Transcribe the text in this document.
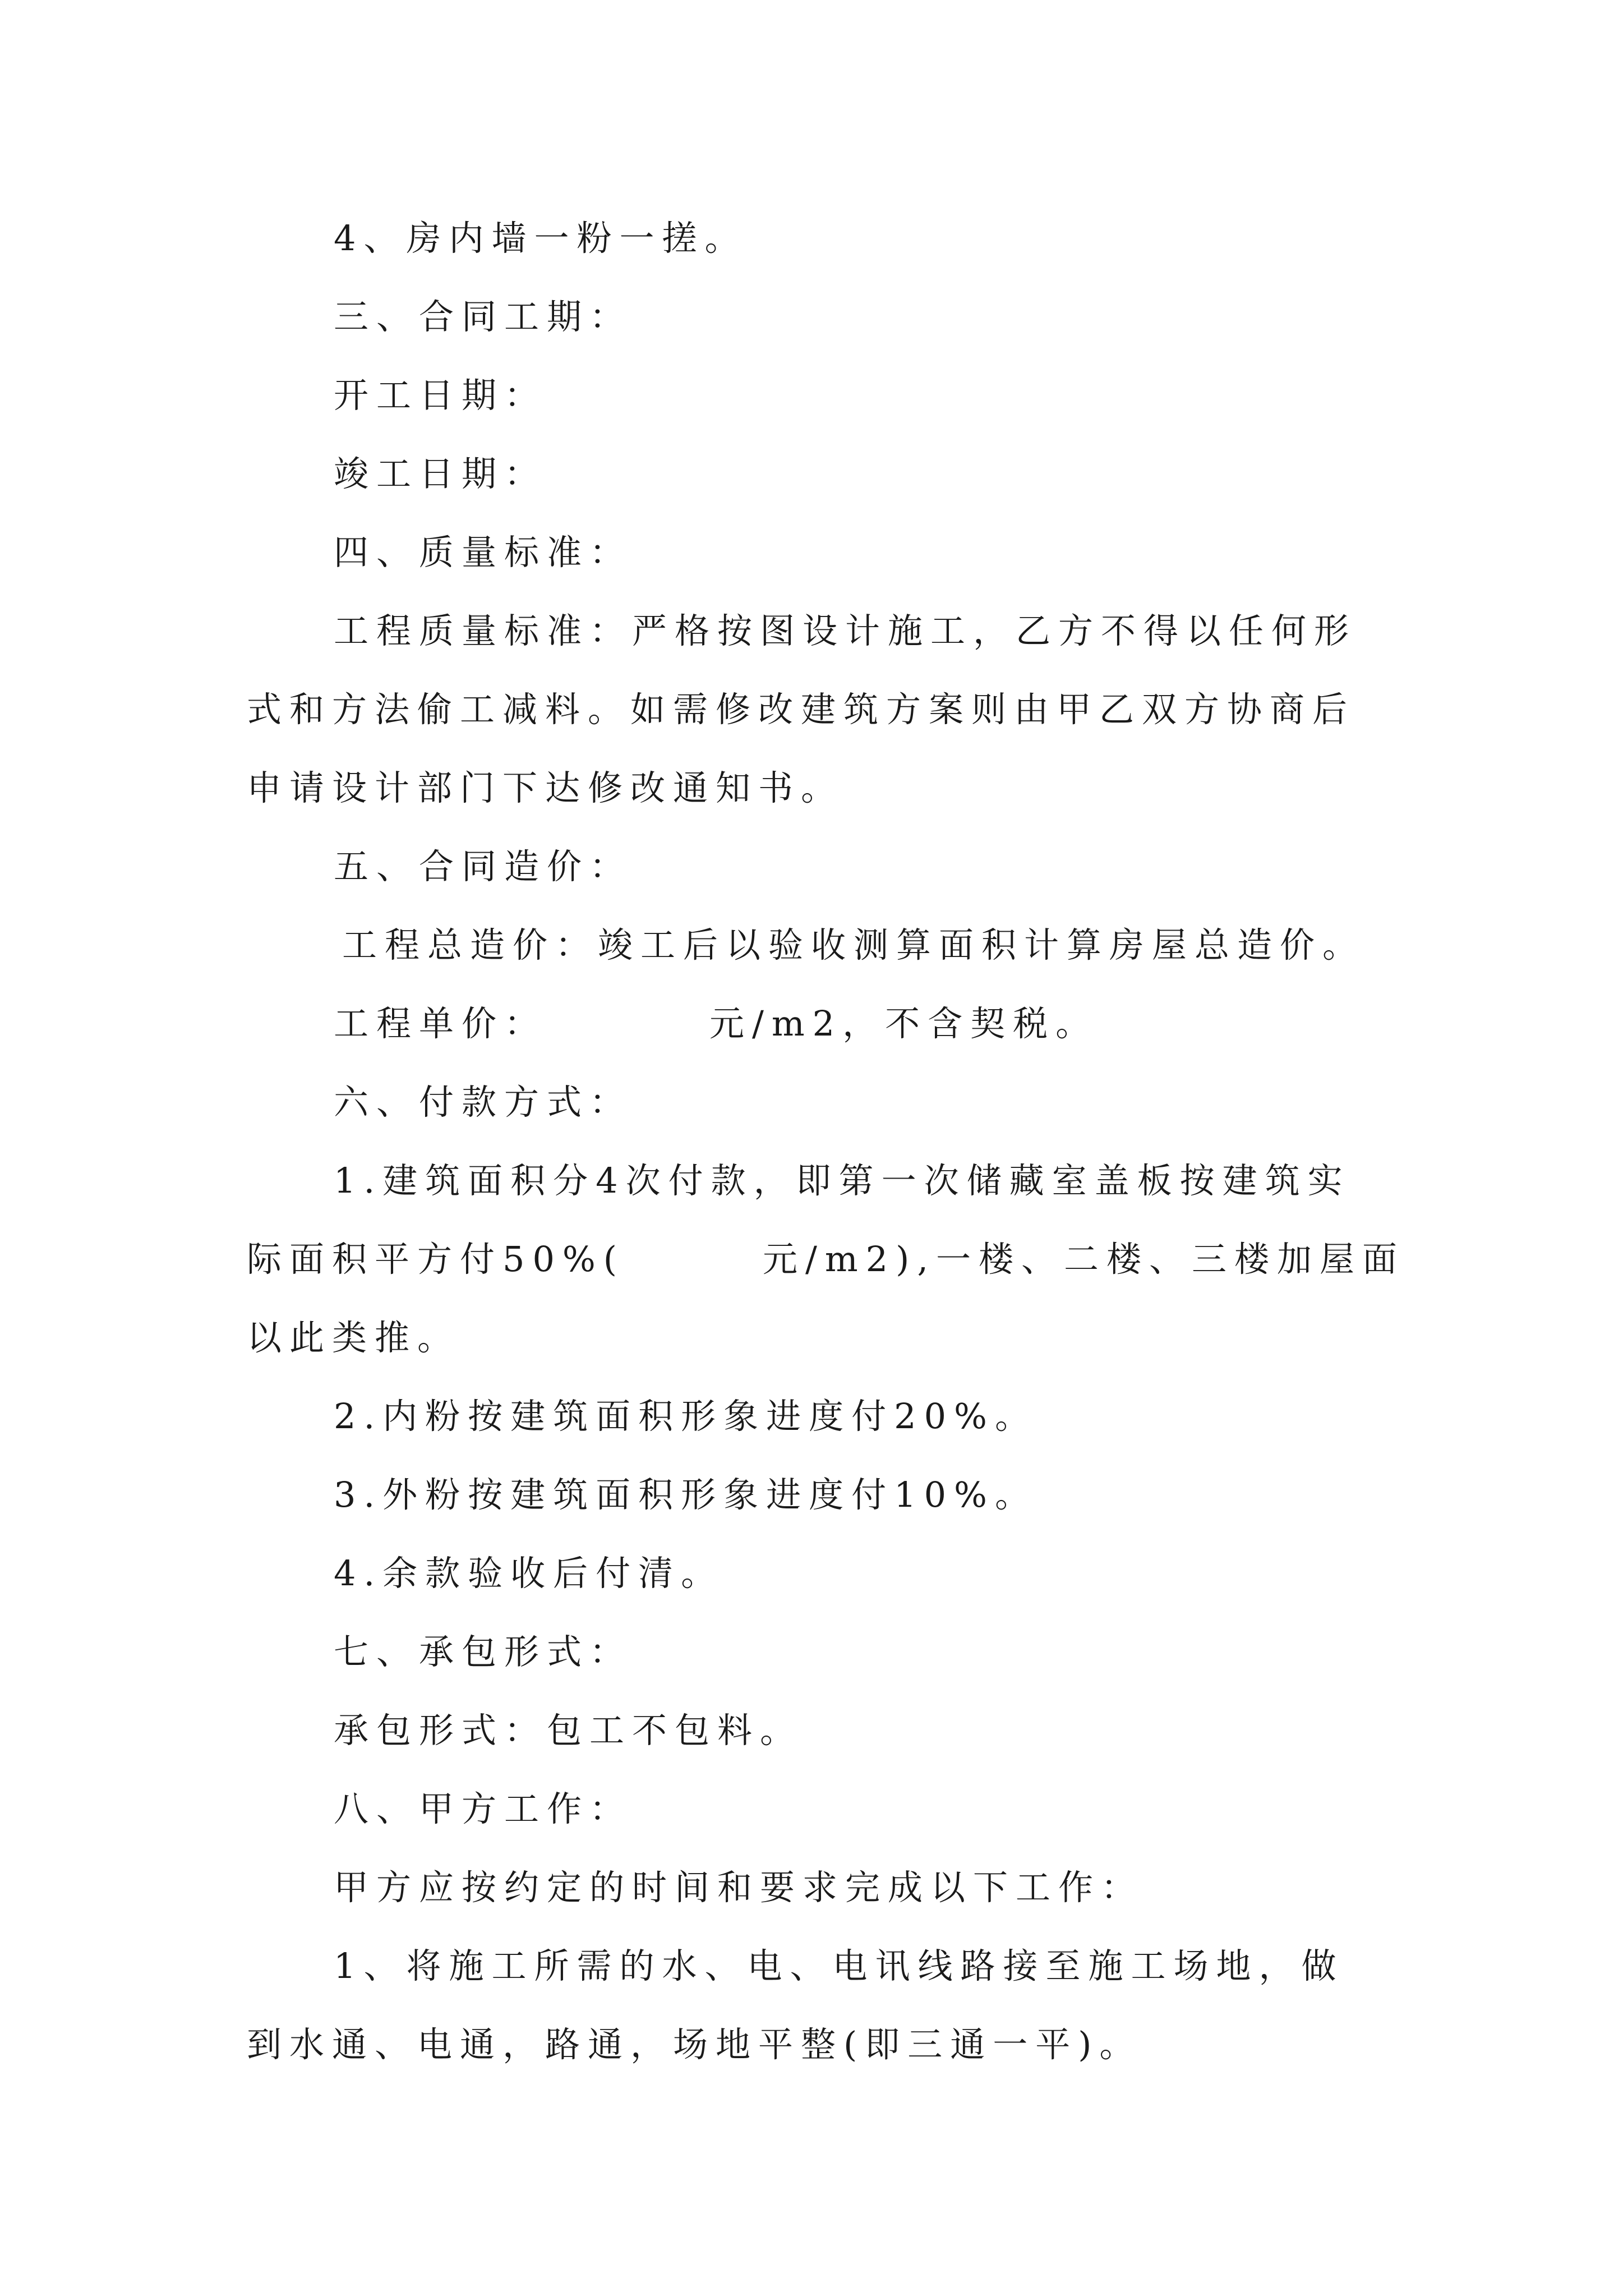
4、房内墙一粉一搓。
三、合同工期：
开工日期：
竣工日期：
四、质量标准：
工程质量标准：严格按图设计施工，乙方不得以任何形
式和方法偷工减料。如需修改建筑方案则由甲乙双方协商后
申请设计部门下达修改通知书。
五、合同造价：
工程总造价：竣工后以验收测算面积计算房屋总造价。
工程单价：	元/m2，不含契税。
六、付款方式：
1.建筑面积分4次付款，即第一次储藏室盖板按建筑实
际面积平方付50%(	元/m2),一楼、二楼、三楼加屋面
以此类推。
2.内粉按建筑面积形象进度付20%。
3.外粉按建筑面积形象进度付10%。
4.余款验收后付清。
七、承包形式：
承包形式：包工不包料。
八、甲方工作：
甲方应按约定的时间和要求完成以下工作：
1、将施工所需的水、电、电讯线路接至施工场地，做
到水通、电通，路通，场地平整(即三通一平)。
